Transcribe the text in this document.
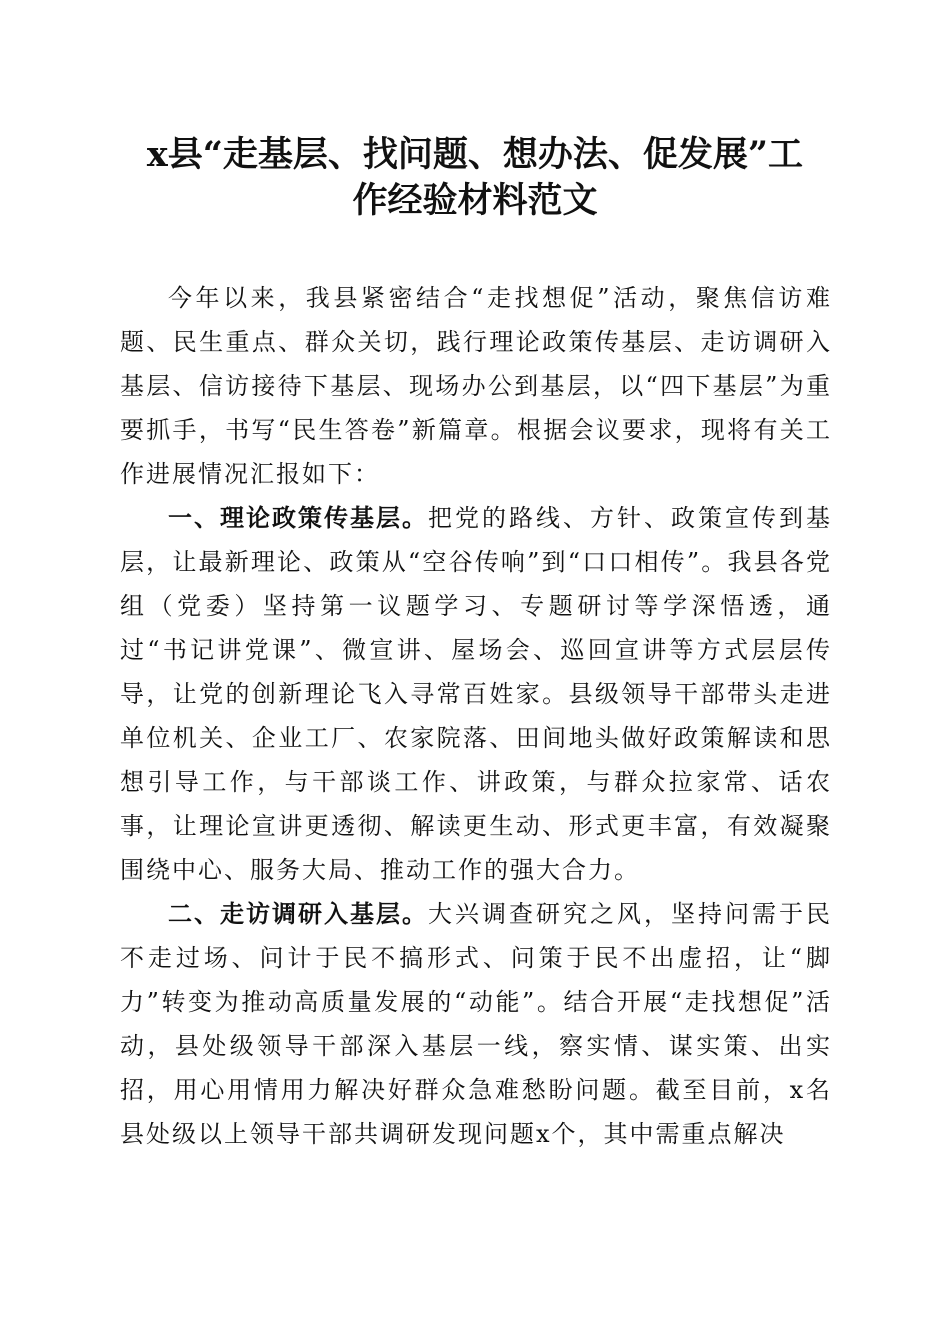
x县“走基层、找问题、想办法、促发展”工
作经验材料范文

今年以来，我县紧密结合“走找想促”活动，聚焦信访难题、民生重点、群众关切，践行理论政策传基层、走访调研入基层、信访接待下基层、现场办公到基层，以“四下基层”为重要抓手，书写“民生答卷”新篇章。根据会议要求，现将有关工作进展情况汇报如下：

一、理论政策传基层。把党的路线、方针、政策宣传到基层，让最新理论、政策从“空谷传响”到“口口相传”。我县各党组（党委）坚持第一议题学习、专题研讨等学深悟透，通过“书记讲党课”、微宣讲、屋场会、巡回宣讲等方式层层传导，让党的创新理论飞入寻常百姓家。县级领导干部带头走进单位机关、企业工厂、农家院落、田间地头做好政策解读和思想引导工作，与干部谈工作、讲政策，与群众拉家常、话农事，让理论宣讲更透彻、解读更生动、形式更丰富，有效凝聚围绕中心、服务大局、推动工作的强大合力。

二、走访调研入基层。大兴调查研究之风，坚持问需于民不走过场、问计于民不搞形式、问策于民不出虚招，让“脚力”转变为推动高质量发展的“动能”。结合开展“走找想促”活动，县处级领导干部深入基层一线，察实情、谋实策、出实招，用心用情用力解决好群众急难愁盼问题。截至目前，x名县处级以上领导干部共调研发现问题x个，其中需重点解决
